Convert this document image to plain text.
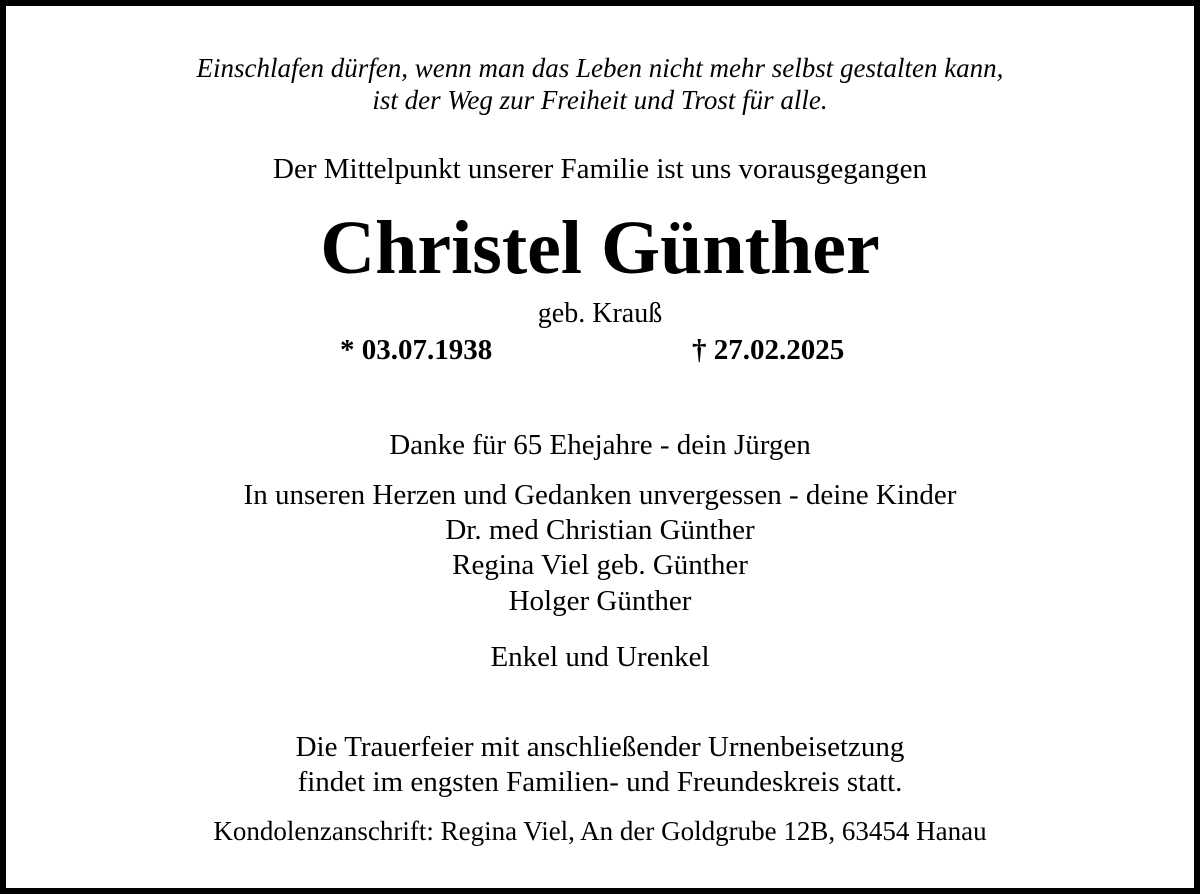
Einschlafen dürfen, wenn man das Leben nicht mehr selbst gestalten kann,
ist der Weg zur Freiheit und Trost für alle.
Der Mittelpunkt unserer Familie ist uns vorausgegangen
Christel Günther
geb. Krauß
* 03.07.1938	† 27.02.2025
Danke für 65 Ehejahre - dein Jürgen
In unseren Herzen und Gedanken unvergessen - deine Kinder
Dr. med Christian Günther
Regina Viel geb. Günther
Holger Günther
Enkel und Urenkel
Die Trauerfeier mit anschließender Urnenbeisetzung
findet im engsten Familien- und Freundeskreis statt.
Kondolenzanschrift: Regina Viel, An der Goldgrube 12B, 63454 Hanau
